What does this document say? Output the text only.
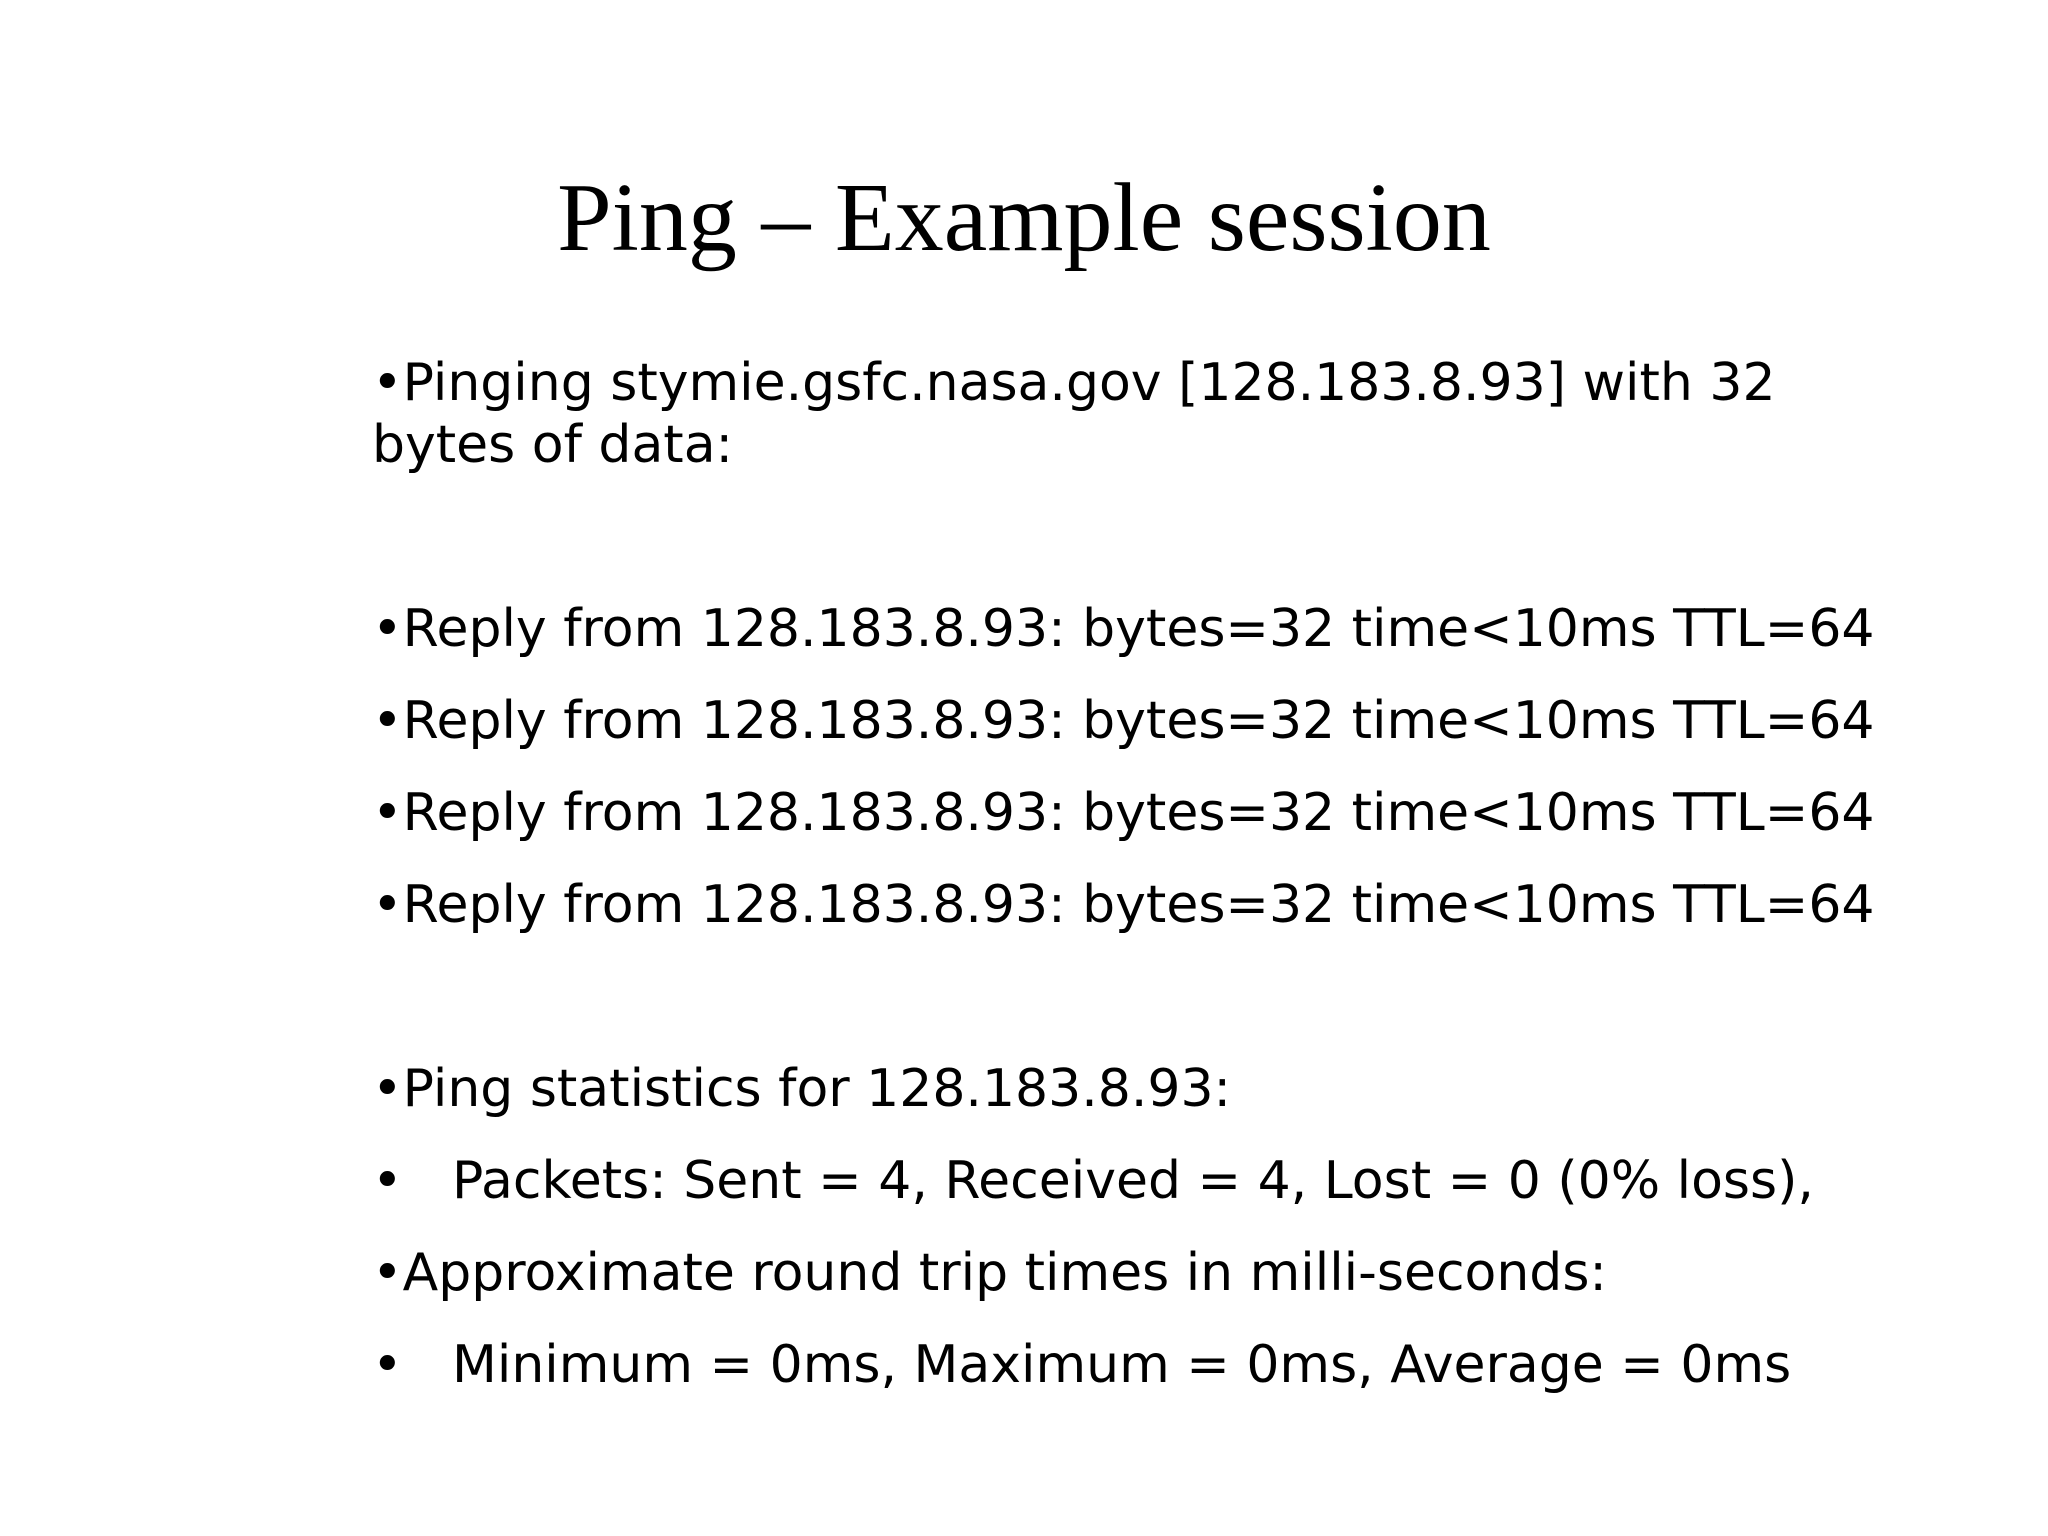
Ping – Example session
•Pinging stymie.gsfc.nasa.gov [128.183.8.93] with 32
bytes of data:
•Reply from 128.183.8.93: bytes=32 time<10ms TTL=64
•Reply from 128.183.8.93: bytes=32 time<10ms TTL=64
•Reply from 128.183.8.93: bytes=32 time<10ms TTL=64
•Reply from 128.183.8.93: bytes=32 time<10ms TTL=64
•Ping statistics for 128.183.8.93:
• Packets: Sent = 4, Received = 4, Lost = 0 (0% loss),
•Approximate round trip times in milli-seconds:
• Minimum = 0ms, Maximum = 0ms, Average = 0ms
